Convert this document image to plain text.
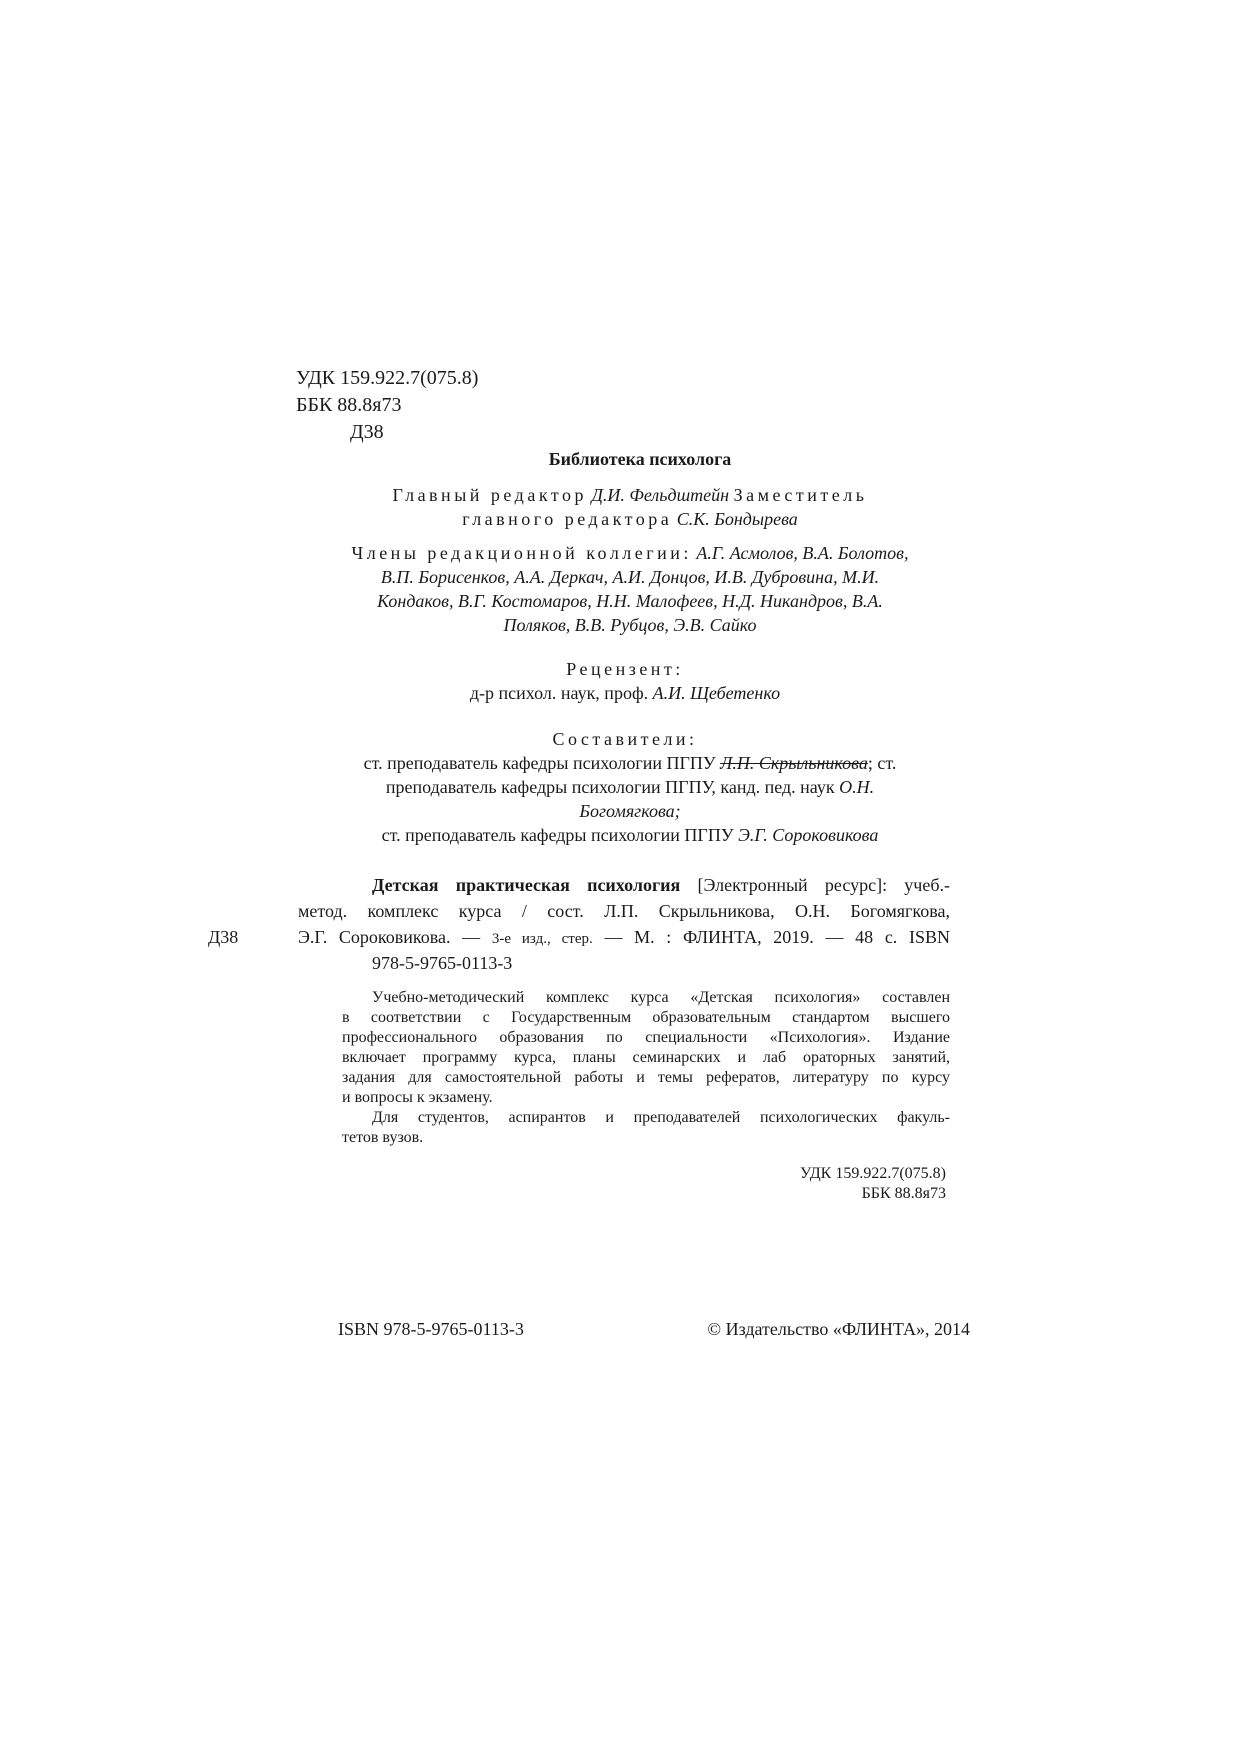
УДК 159.922.7(075.8)
ББК 88.8я73
Д38
Библиотека психолога
Главный редактор Д.И. Фельдштейн Заместитель
главного редактора С.К. Бондырева
Члены редакционной коллегии: А.Г. Асмолов, В.А. Болотов,
В.П. Борисенков, А.А. Деркач, А.И. Донцов, И.В. Дубровина, М.И.
Кондаков, В.Г. Костомаров, Н.Н. Малофеев, Н.Д. Никандров, В.А.
Поляков, В.В. Рубцов, Э.В. Сайко
Рецензент:
д-р психол. наук, проф. А.И. Щебетенко
Составители:
ст. преподаватель кафедры психологии ПГПУ Л.П. Скрыльникова; ст.
преподаватель кафедры психологии ПГПУ, канд. пед. наук О.Н.
Богомягкова;
ст. преподаватель кафедры психологии ПГПУ Э.Г. Сороковикова
Д38
Детская практическая психология [Электронный ресурс]: учеб.-
метод. комплекс курса / сост. Л.П. Скрыльникова, О.Н. Богомягкова,
Э.Г. Сороковикова. — 3-е изд., стер. — М. : ФЛИНТА, 2019. — 48 с. ISBN
978-5-9765-0113-3
Учебно-методический комплекс курса «Детская психология» составлен
в соответствии с Государственным образовательным стандартом высшего
профессионального образования по специальности «Психология». Издание
включает программу курса, планы семинарских и лаб ораторных занятий,
задания для самостоятельной работы и темы рефератов, литературу по курсу
и вопросы к экзамену.
Для студентов, аспирантов и преподавателей психологических факуль-
тетов вузов.
УДК 159.922.7(075.8)
ББК 88.8я73
ISBN 978-5-9765-0113-3	© Издательство «ФЛИНТА», 2014
